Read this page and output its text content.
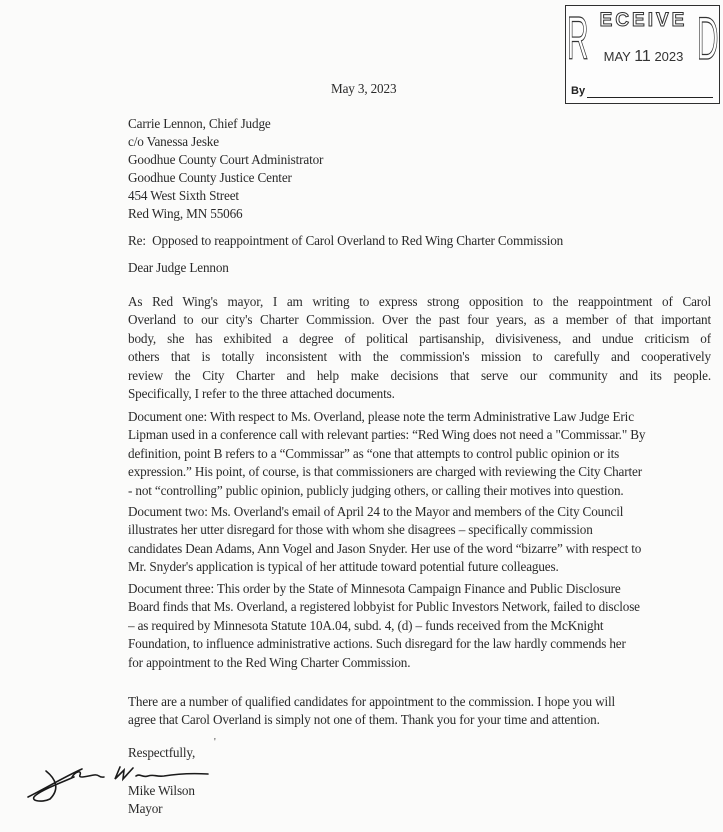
R ECEIVE
MAY 11 2023 D
By
May 3, 2023
Carrie Lennon, Chief Judge
c/o Vanessa Jeske
Goodhue County Court Administrator
Goodhue County Justice Center
454 West Sixth Street
Red Wing, MN 55066
Re:  Opposed to reappointment of Carol Overland to Red Wing Charter Commission
Dear Judge Lennon
As Red Wing's mayor, I am writing to express strong opposition to the reappointment of Carol
Overland to our city's Charter Commission. Over the past four years, as a member of that important
body, she has exhibited a degree of political partisanship, divisiveness, and undue criticism of
others that is totally inconsistent with the commission's mission to carefully and cooperatively
review the City Charter and help make decisions that serve our community and its people.
Specifically, I refer to the three attached documents.
Document one: With respect to Ms. Overland, please note the term Administrative Law Judge Eric
Lipman used in a conference call with relevant parties: “Red Wing does not need a "Commissar." By
definition, point B refers to a “Commissar” as “one that attempts to control public opinion or its
expression.” His point, of course, is that commissioners are charged with reviewing the City Charter
- not “controlling” public opinion, publicly judging others, or calling their motives into question.
Document two: Ms. Overland's email of April 24 to the Mayor and members of the City Council
illustrates her utter disregard for those with whom she disagrees – specifically commission
candidates Dean Adams, Ann Vogel and Jason Snyder. Her use of the word “bizarre” with respect to
Mr. Snyder's application is typical of her attitude toward potential future colleagues.
Document three: This order by the State of Minnesota Campaign Finance and Public Disclosure
Board finds that Ms. Overland, a registered lobbyist for Public Investors Network, failed to disclose
– as required by Minnesota Statute 10A.04, subd. 4, (d) – funds received from the McKnight
Foundation, to influence administrative actions. Such disregard for the law hardly commends her
for appointment to the Red Wing Charter Commission.
There are a number of qualified candidates for appointment to the commission. I hope you will
agree that Carol Overland is simply not one of them. Thank you for your time and attention.
Respectfully,
'
Mike Wilson
Mayor
